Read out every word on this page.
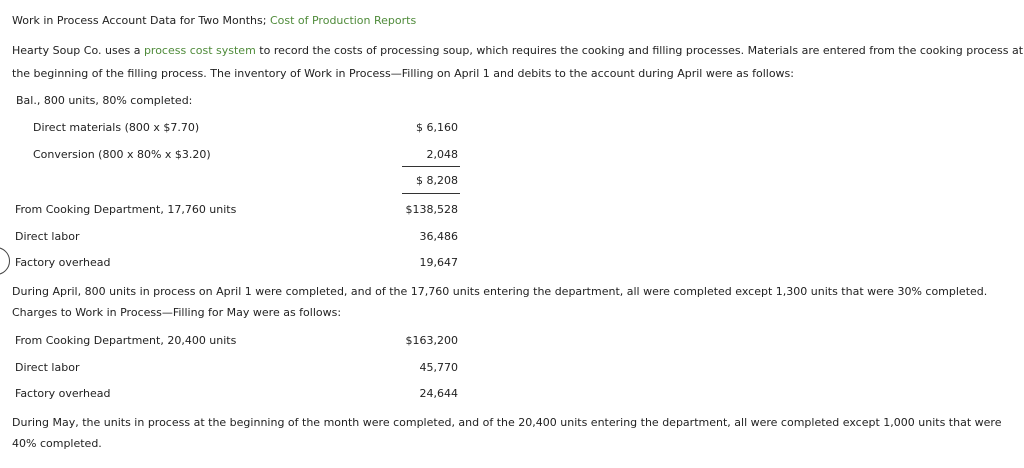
Work in Process Account Data for Two Months; Cost of Production Reports
Hearty Soup Co. uses a process cost system to record the costs of processing soup, which requires the cooking and filling processes. Materials are entered from the cooking process at
the beginning of the filling process. The inventory of Work in Process—Filling on April 1 and debits to the account during April were as follows:
Bal., 800 units, 80% completed:
Direct materials (800 x $7.70)	$ 6,160
Conversion (800 x 80% x $3.20)	2,048
$ 8,208
From Cooking Department, 17,760 units	$138,528
Direct labor	36,486
Factory overhead	19,647
During April, 800 units in process on April 1 were completed, and of the 17,760 units entering the department, all were completed except 1,300 units that were 30% completed.
Charges to Work in Process—Filling for May were as follows:
From Cooking Department, 20,400 units	$163,200
Direct labor	45,770
Factory overhead	24,644
During May, the units in process at the beginning of the month were completed, and of the 20,400 units entering the department, all were completed except 1,000 units that were
40% completed.
